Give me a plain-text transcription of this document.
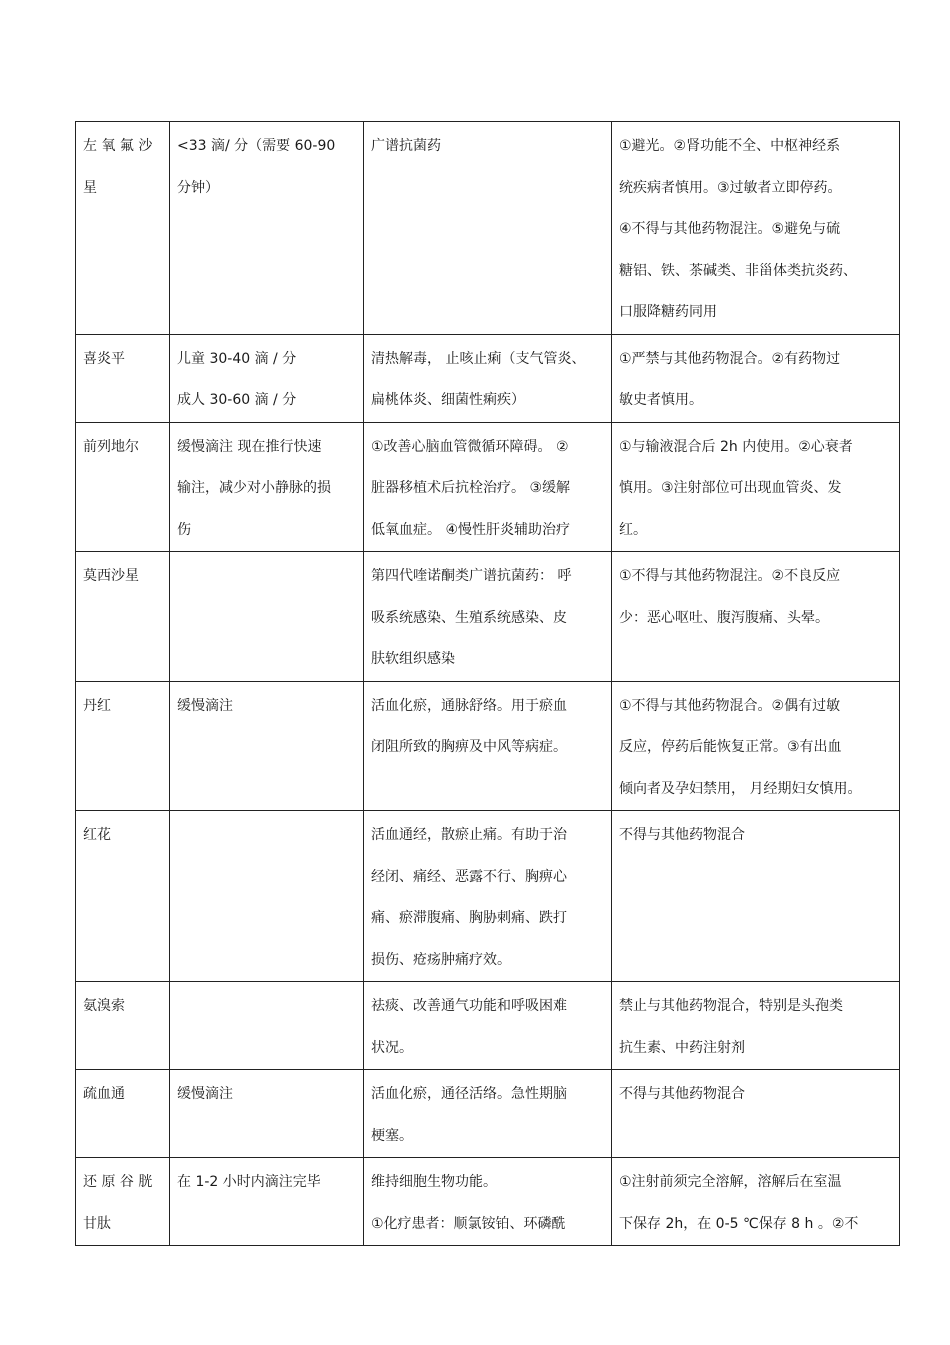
左 氧 氟 沙
星	<33 滴/ 分（需要 60-90
分钟）	广谱抗菌药	①避光。②肾功能不全、中枢神经系
统疾病者慎用。③过敏者立即停药。
④不得与其他药物混注。⑤避免与硫
糖铝、铁、茶碱类、非甾体类抗炎药、
口服降糖药同用

喜炎平	儿童 30-40 滴 / 分
成人 30-60 滴 / 分	清热解毒， 止咳止痢（支气管炎、
扁桃体炎、细菌性痢疾）	①严禁与其他药物混合。②有药物过
敏史者慎用。

前列地尔	缓慢滴注 现在推行快速
输注，减少对小静脉的损
伤	①改善心脑血管微循环障碍。 ②
脏器移植术后抗栓治疗。 ③缓解
低氧血症。 ④慢性肝炎辅助治疗	①与输液混合后 2h 内使用。②心衰者
慎用。③注射部位可出现血管炎、发
红。

莫西沙星		第四代喹诺酮类广谱抗菌药： 呼
吸系统感染、生殖系统感染、皮
肤软组织感染	①不得与其他药物混注。②不良反应
少：恶心呕吐、腹泻腹痛、头晕。

丹红	缓慢滴注	活血化瘀，通脉舒络。用于瘀血
闭阻所致的胸痹及中风等病症。	①不得与其他药物混合。②偶有过敏
反应，停药后能恢复正常。③有出血
倾向者及孕妇禁用， 月经期妇女慎用。

红花		活血通经，散瘀止痛。有助于治
经闭、痛经、恶露不行、胸痹心
痛、瘀滞腹痛、胸胁刺痛、跌打
损伤、疮疡肿痛疗效。	不得与其他药物混合

氨溴索		祛痰、改善通气功能和呼吸困难
状况。	禁止与其他药物混合，特别是头孢类
抗生素、中药注射剂

疏血通	缓慢滴注	活血化瘀，通径活络。急性期脑
梗塞。	不得与其他药物混合

还 原 谷 胱
甘肽	在 1-2 小时内滴注完毕	维持细胞生物功能。
①化疗患者：顺氯铵铂、环磷酰	①注射前须完全溶解，溶解后在室温
下保存 2h，在 0-5 ℃保存 8 h 。②不
